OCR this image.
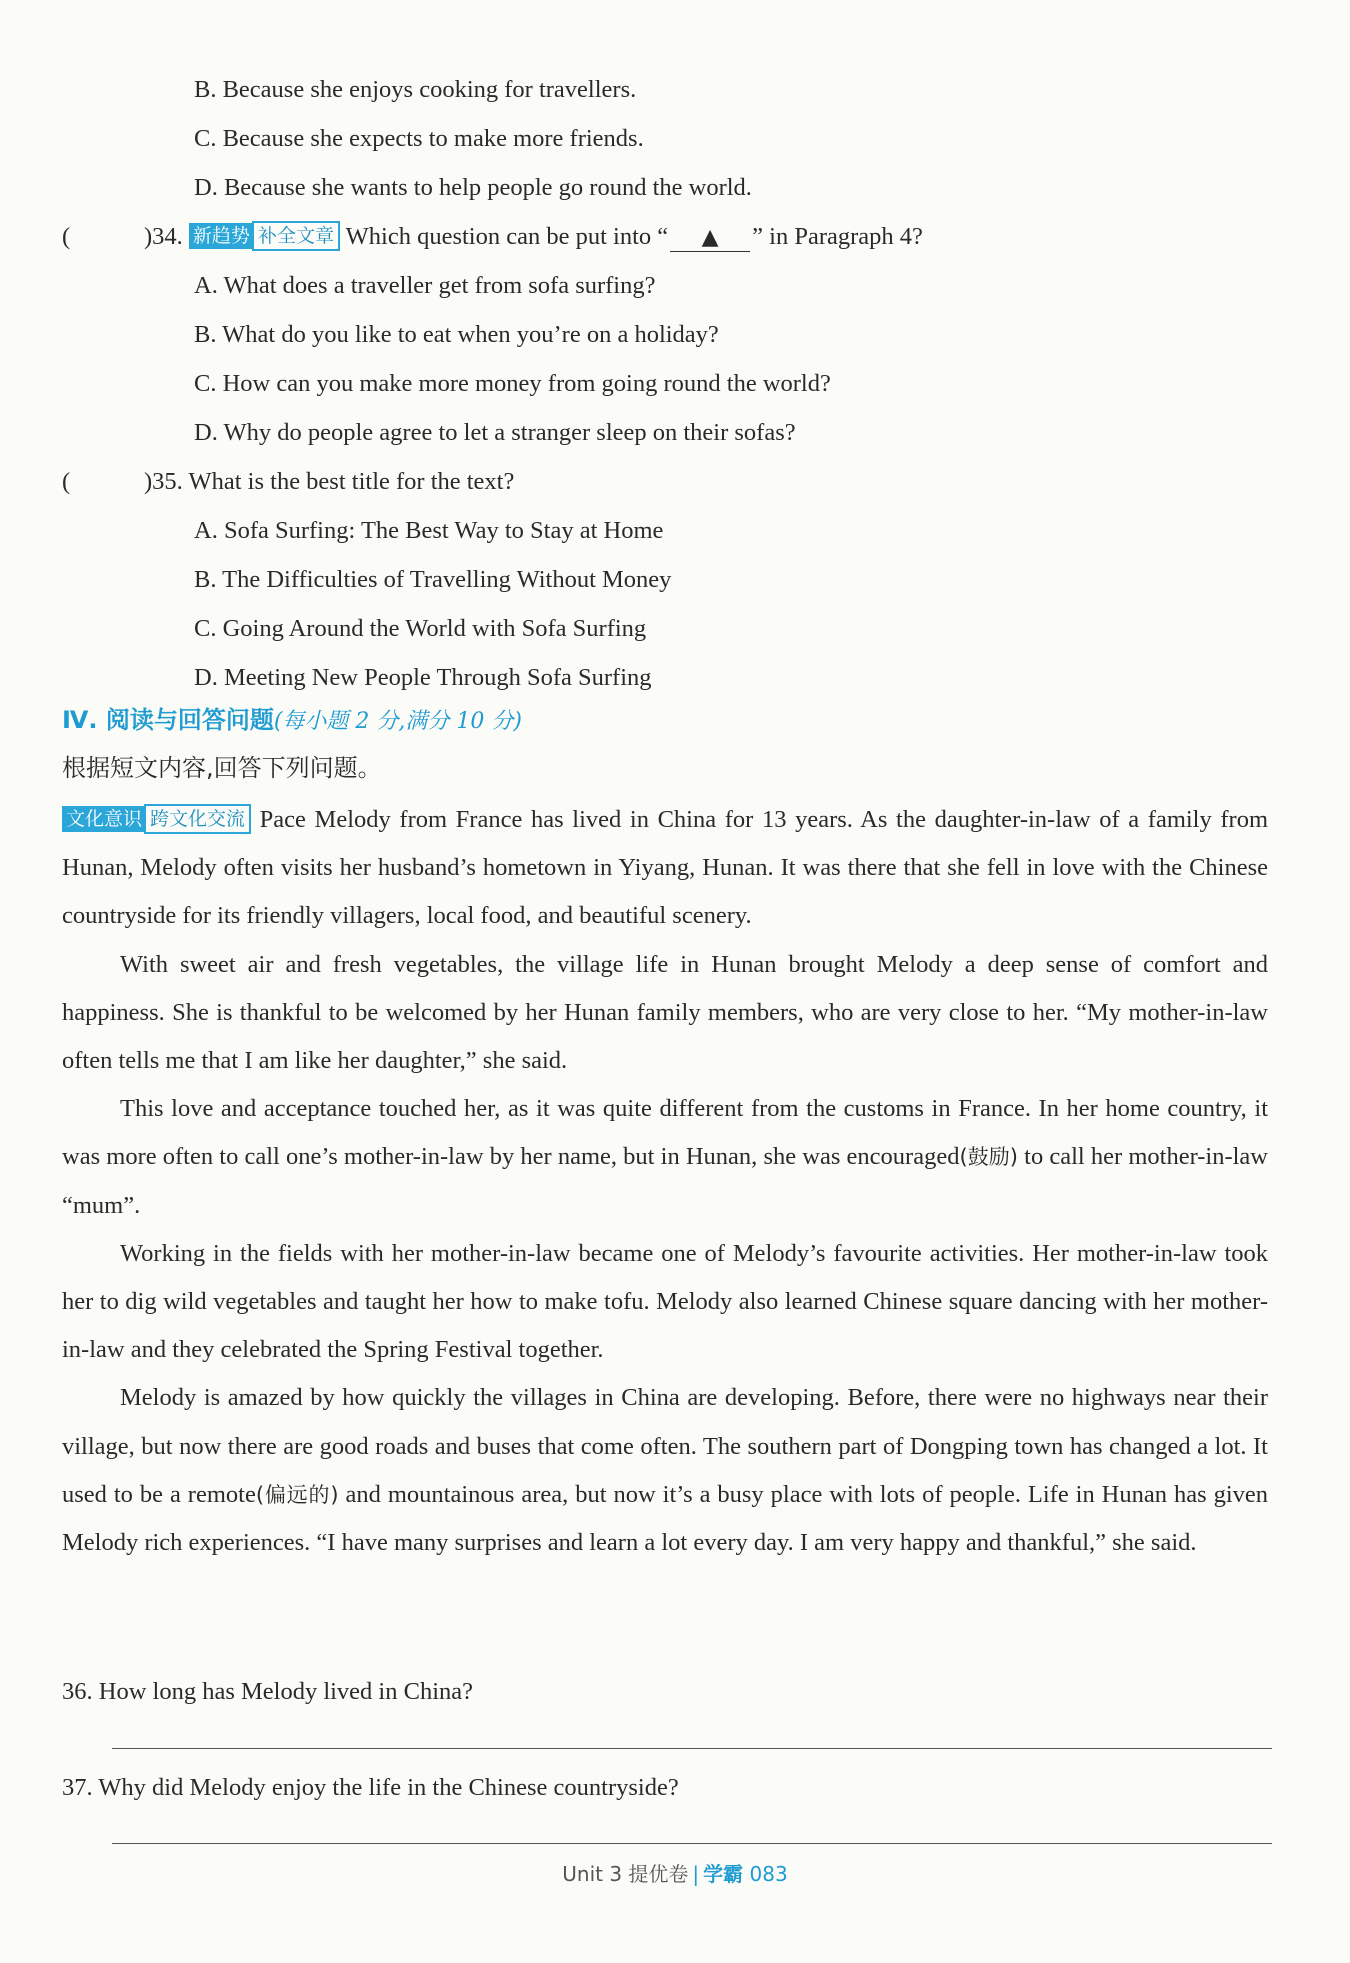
B. Because she enjoys cooking for travellers.
C. Because she expects to make more friends.
D. Because she wants to help people go round the world.
(	)34. 新趋势 补全文章 Which question can be put into “ ▲ ” in Paragraph 4?
A. What does a traveller get from sofa surfing?
B. What do you like to eat when you’re on a holiday?
C. How can you make more money from going round the world?
D. Why do people agree to let a stranger sleep on their sofas?
(	)35. What is the best title for the text?
A. Sofa Surfing: The Best Way to Stay at Home
B. The Difficulties of Travelling Without Money
C. Going Around the World with Sofa Surfing
D. Meeting New People Through Sofa Surfing
Ⅳ. 阅读与回答问题(每小题 2 分,满分 10 分)
根据短文内容,回答下列问题。

文化意识 跨文化交流 Pace Melody from France has lived in China for 13 years. As the daughter-in-law of a family from Hunan, Melody often visits her husband’s hometown in Yiyang, Hunan. It was there that she fell in love with the Chinese countryside for its friendly villagers, local food, and beautiful scenery.

With sweet air and fresh vegetables, the village life in Hunan brought Melody a deep sense of comfort and happiness. She is thankful to be welcomed by her Hunan family members, who are very close to her. “My mother-in-law often tells me that I am like her daughter,” she said.

This love and acceptance touched her, as it was quite different from the customs in France. In her home country, it was more often to call one’s mother-in-law by her name, but in Hunan, she was encouraged(鼓励) to call her mother-in-law “mum”.

Working in the fields with her mother-in-law became one of Melody’s favourite activities. Her mother-in-law took her to dig wild vegetables and taught her how to make tofu. Melody also learned Chinese square dancing with her mother-in-law and they celebrated the Spring Festival together.

Melody is amazed by how quickly the villages in China are developing. Before, there were no highways near their village, but now there are good roads and buses that come often. The southern part of Dongping town has changed a lot. It used to be a remote(偏远的) and mountainous area, but now it’s a busy place with lots of people. Life in Hunan has given Melody rich experiences. “I have many surprises and learn a lot every day. I am very happy and thankful,” she said.

36. How long has Melody lived in China?
37. Why did Melody enjoy the life in the Chinese countryside?
Unit 3 提优卷 | 学霸 083
